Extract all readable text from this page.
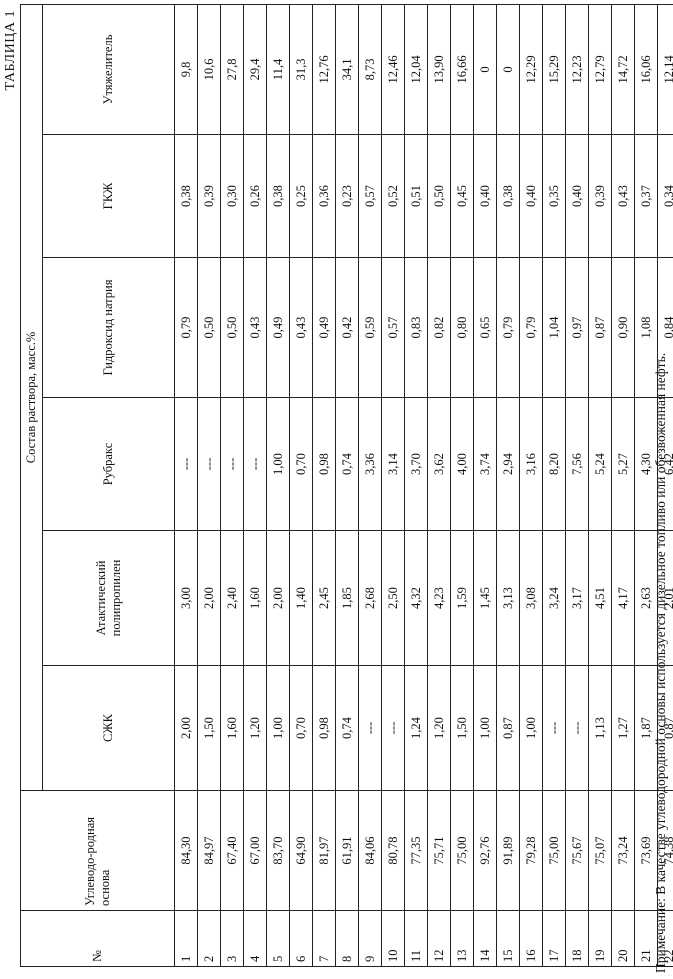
ТАБЛИЦА 1
№	Углеводо-родная основа	Состав раствора, масс.%
СЖК	Атактический полипропилен	Рубракс	Гидроксид натрия	ГКЖ	Утяжелитель
1	84,30	2,00	3,00	---	0,79	0,38	9,8
2	84,97	1,50	2,00	---	0,50	0,39	10,6
3	67,40	1,60	2,40	---	0,50	0,30	27,8
4	67,00	1,20	1,60	---	0,43	0,26	29,4
5	83,70	1,00	2,00	1,00	0,49	0,38	11,4
6	64,90	0,70	1,40	0,70	0,43	0,25	31,3
7	81,97	0,98	2,45	0,98	0,49	0,36	12,76
8	61,91	0,74	1,85	0,74	0,42	0,23	34,1
9	84,06	---	2,68	3,36	0,59	0,57	8,73
10	80,78	---	2,50	3,14	0,57	0,52	12,46
11	77,35	1,24	4,32	3,70	0,83	0,51	12,04
12	75,71	1,20	4,23	3,62	0,82	0,50	13,90
13	75,00	1,50	1,59	4,00	0,80	0,45	16,66
14	92,76	1,00	1,45	3,74	0,65	0,40	0
15	91,89	0,87	3,13	2,94	0,79	0,38	0
16	79,28	1,00	3,08	3,16	0,79	0,40	12,29
17	75,00	---	3,24	8,20	1,04	0,35	15,29
18	75,67	---	3,17	7,56	0,97	0,40	12,23
19	75,07	1,13	4,51	5,24	0,87	0,39	12,79
20	73,24	1,27	4,17	5,27	0,90	0,43	14,72
21	73,69	1,87	2,63	4,30	1,08	0,37	16,06
22	74,38	0,87	2,01	6,42	0,84	0,34	12,14

Примечание: В качестве углеводородной основы используется дизельное топливо или обезвоженная нефть.
